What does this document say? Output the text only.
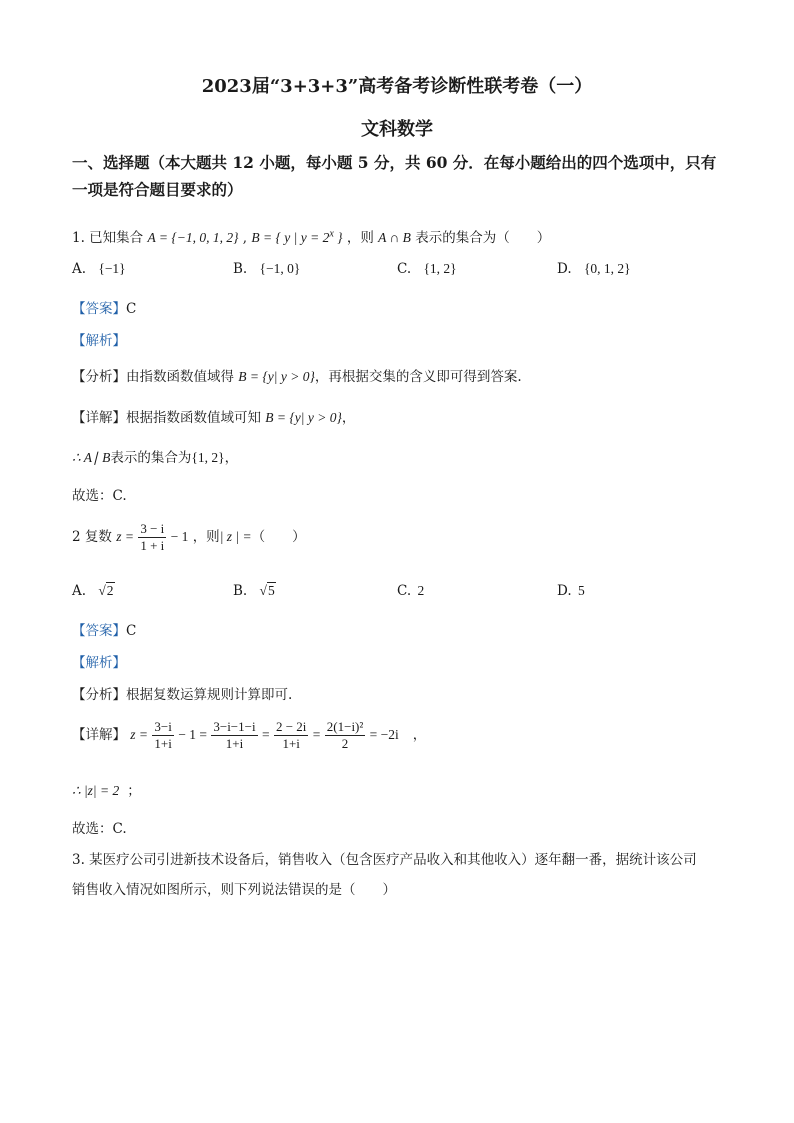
2023届“3+3+3”高考备考诊断性联考卷（一）
文科数学
一、选择题（本大题共 12 小题，每小题 5 分，共 60 分．在每小题给出的四个选项中，只有一项是符合题目要求的）
1. 已知集合 A = {−1, 0, 1, 2} , B = { y | $y = 2^x$ } ，则 A ∩ B 表示的集合为（　　）
A. {−1}	B. {−1, 0}	C. {1, 2}	D. {0, 1, 2}
【答案】C
【解析】
【分析】由指数函数值域得 B = {y| y > 0}，再根据交集的含义即可得到答案.
【详解】根据指数函数值域可知 B = {y| y > 0}，
∴ A∣ B表示的集合为{1, 2}，
故选：C.
2 复数 $z = \frac{3 - i}{1 + i} - 1$ ，则| z | =（　　）
A. √2	B. √5	C. 2	D. 5
【答案】C
【解析】
【分析】根据复数运算规则计算即可.
【详解】 $z = \frac{3-i}{1+i} - 1 = \frac{3-i-1-i}{1+i} = \frac{2 - 2i}{1+i} = \frac{\text{2(1−i)²}}{2} = -2i$ ，
∴ |z| = 2 ；
故选：C.
3. 某医疗公司引进新技术设备后，销售收入（包含医疗产品收入和其他收入）逐年翻一番，据统计该公司
销售收入情况如图所示，则下列说法错误的是（　　）
